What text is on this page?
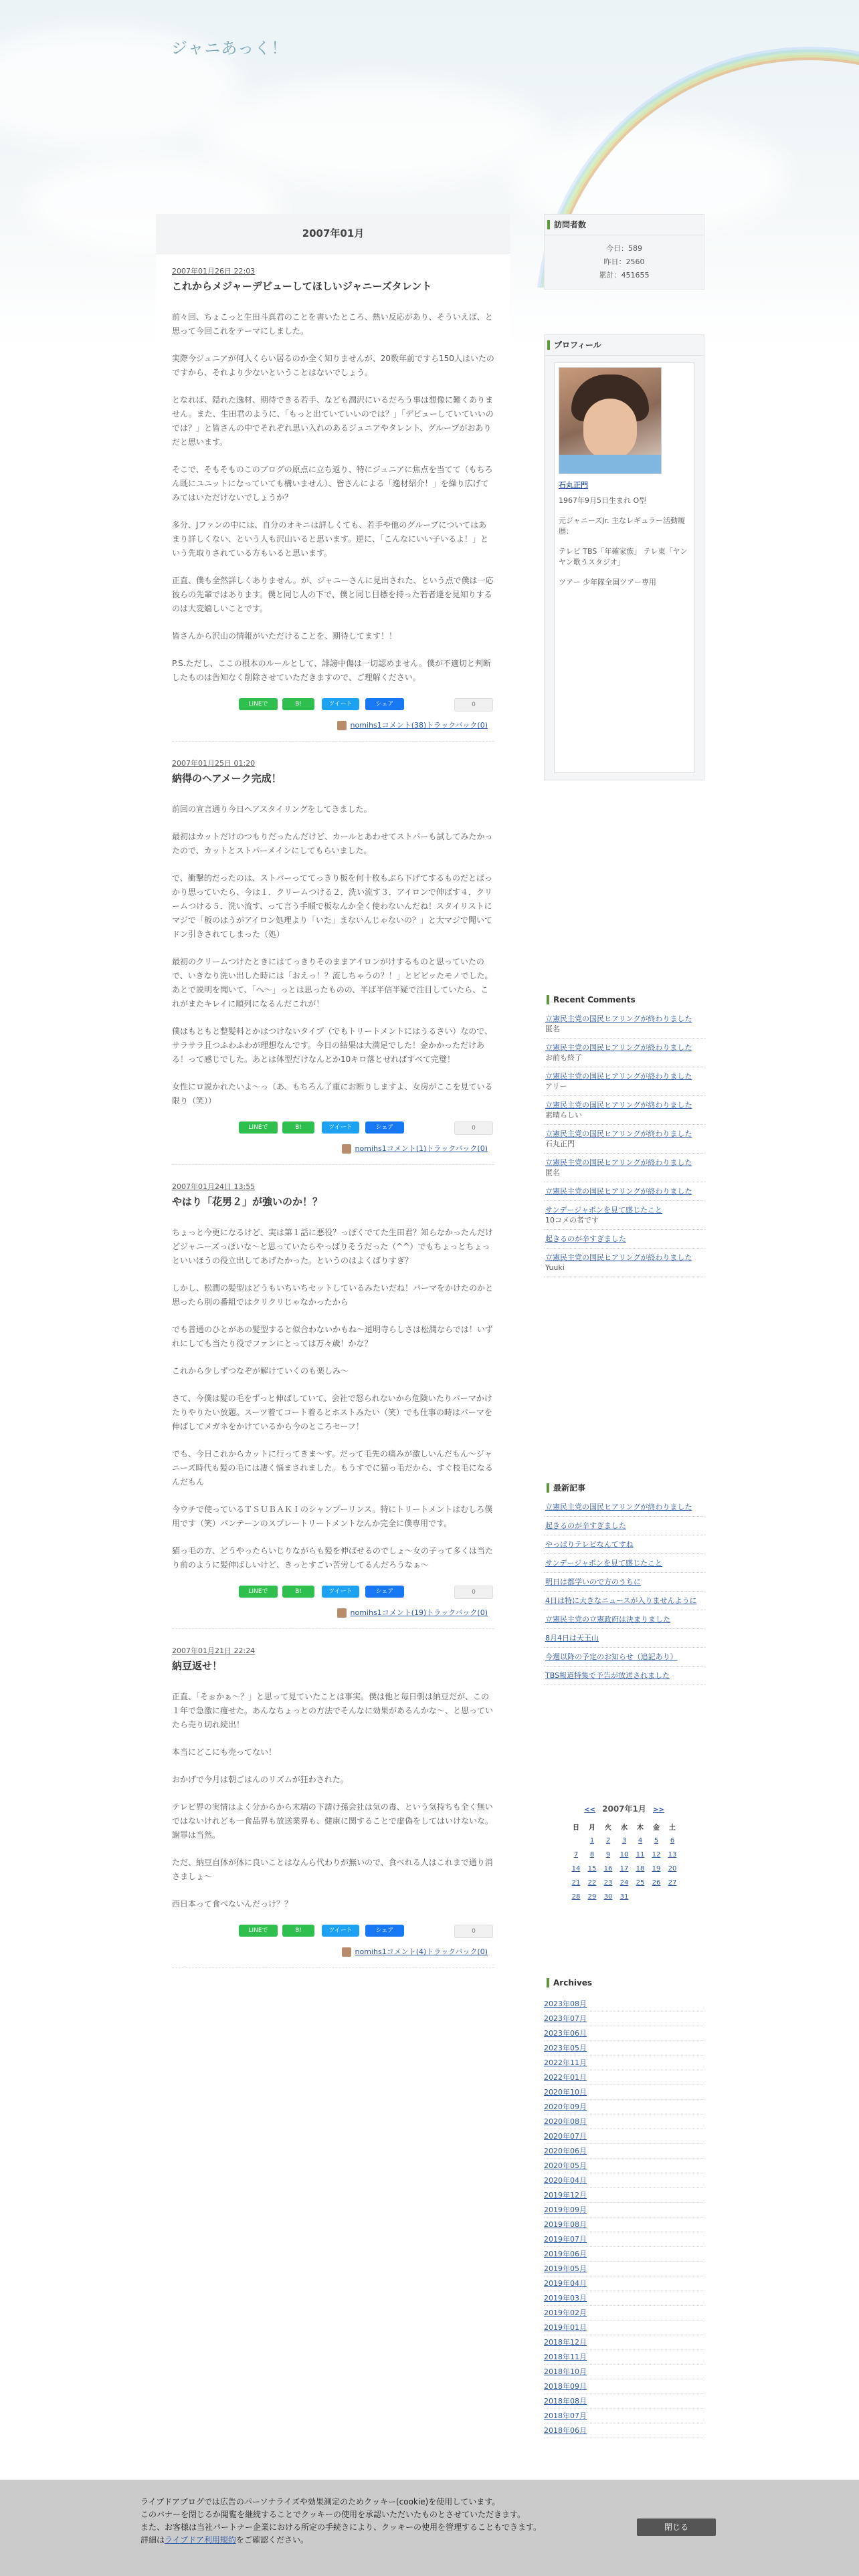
ジャニあっく！
2007年01月
2007年01月26日 22:03
これからメジャーデビューしてほしいジャニーズタレント

前々回、ちょこっと生田斗真君のことを書いたところ、熱い反応があり、そういえば、と思って今回これをテーマにしました。

実際今ジュニアが何人くらい居るのか全く知りませんが、20数年前ですら150人はいたのですから、それより少ないということはないでしょう。

となれば、隠れた逸材、期待できる若手、なども潤沢にいるだろう事は想像に難くありません。また、生田君のように、「もっと出ていていいのでは？」「デビューしていていいのでは？」と皆さんの中でそれぞれ思い入れのあるジュニアやタレント、グループがおありだと思います。

そこで、そもそものこのブログの原点に立ち返り、特にジュニアに焦点を当てて（もちろん既にユニットになっていても構いません）、皆さんによる「逸材紹介！」を繰り広げてみてはいただけないでしょうか？

多分、Jファンの中には、自分のオキニは詳しくても、若手や他のグループについてはあまり詳しくない、という人も沢山いると思います。逆に、「こんなにいい子いるよ！」という先取りされている方もいると思います。

正直、僕も全然詳しくありません。が、ジャニーさんに見出された、という点で僕は一応彼らの先輩ではあります。僕と同じ人の下で、僕と同じ目標を持った若者達を見知りするのは大変嬉しいことです。

皆さんから沢山の情報がいただけることを、期待してます！！

P.S.ただし、ここの根本のルールとして、誹謗中傷は一切認めません。僕が不適切と判断したものは告知なく削除させていただきますので、ご理解ください。

LINEで	B!	ツイート	シェア	0
nomihs1コメント(38)トラックバック(0)
2007年01月25日 01:20
納得のヘアメーク完成！

前回の宣言通り今日ヘアスタイリングをしてきました。

最初はカットだけのつもりだったんだけど、カールとあわせてストパーも試してみたかったので、カットとストパーメインにしてもらいました。

で、衝撃的だったのは、ストパーっててっきり板を何十枚もぶら下げてするものだとばっかり思っていたら、今は１．クリームつける２．洗い流す３．アイロンで伸ばす４．クリームつける５．洗い流す、って言う手順で板なんか全く使わないんだね！スタイリストにマジで「板のはうがアイロン処理より「いた」まないんじゃないの？」と大マジで聞いてドン引きされてしまった（処）

最初のクリームつけたときにはてっきりそのままアイロンがけするものと思っていたので、いきなり洗い出した時には「おえっ！？流しちゃうの？！」とビビッたモノでした。あとで説明を聞いて、「へ〜」っとは思ったものの、半ば半信半疑で注目していたら、これがまたキレイに順列になるんだこれが！

僕はもともと整髪料とかはつけないタイプ（でもトリートメントにはうるさい）なので、サラサラ且つふわふわが理想なんです。今日の結果は大満足でした！金かかっただけある！って感じでした。あとは体型だけなんとか10キロ落とせればすべて完璧！

女性にロ説かれたいよ〜っ（あ、もちろん了重にお断りしますよ、女房がここを見ている限り（笑））

LINEで	B!	ツイート	シェア	0
nomihs1コメント(1)トラックバック(0)
2007年01月24日 13:55
やはり「花男２」が強いのか！？

ちょっと今更になるけど、実は第１話に悪役？っぽくでてた生田君？知らなかったんだけどジャニーズっぽいな〜と思っていたらやっぱりそうだった（^^）でもちょっとちょっといいほうの役立出してあげたかった。というのはよくばりすぎ？

しかし、松潤の髪型はどうもいちいちセットしているみたいだね！パーマをかけたのかと思ったら別の番組ではクリクリじゃなかったから

でも普通のひとがあの髪型すると似合わないかもね〜道明寺らしさは松潤ならでは！いずれにしても当たり役でファンにとっては万々歳！かな？

これから少しずつなぞが解けていくのも楽しみ〜

さて、今僕は髪の毛をずっと伸ばしていて、会社で怒られないから危険いたりパーマかけたりやりたい放題。スーツ着てコート着るとホストみたい（笑）でも仕事の時はパーマを伸ばしてメガネをかけているから今のところセーフ！

でも、今日これからカットに行ってきま〜す。だって毛先の痛みが激しいんだもん〜ジャニーズ時代も髪の毛には凄く悩まされました。もうすでに猫っ毛だから、すぐ枝毛になるんだもん

今ウチで使っているＴＳＵＢＡＫＩのシャンプーリンス。特にトリートメントはむしろ僕用です（笑）パンテーンのスプレートリートメントなんか完全に僕専用です。

猫っ毛の方、どうやったらいじりながらも髪を伸ばせるのでしょ〜女の子って多くは当たり前のように髪伸ばしいけど、きっとすごい苦労してるんだろうなぁ〜

LINEで	B!	ツイート	シェア	0
nomihs1コメント(19)トラックバック(0)
2007年01月21日 22:24
納豆返せ！

正直、「そぉかぁ〜？」と思って見ていたことは事実。僕は他と毎日朝は納豆だが、この１年で急激に痩せた。あんなちょっとの方法でそんなに効果があるんかな〜、と思っていたら売り切れ続出！

本当にどこにも売ってない！

おかげで今月は朝ごはんのリズムが狂わされた。

テレビ界の実情はよく分からから末端の下請け孫会社は気の毒、という気持ちも全く無いではないけれども一食品界も放送業界も、健康に関することで虚偽をしてはいけないな。謝罪は当然。

ただ、納豆自体が体に良いことはなんら代わりが無いので、食べれる人はこれまで通り消さましょ〜

西日本って食べないんだっけ？？

LINEで	B!	ツイート	シェア	0
nomihs1コメント(4)トラックバック(0)
訪問者数
今日：589
昨日：2560
累計：451655
プロフィール
石丸正門

1967年9月5日生まれ O型

元ジャニーズJr. 主なレギュラー活動履歴：

テレビ TBS「年確家族」 テレ東「ヤンヤン歌うスタジオ」

ツアー 少年隊全国ツアー専用

Recent Comments
立憲民主党の国民ヒアリングが終わりました
匿名
立憲民主党の国民ヒアリングが終わりました
お前も終了
立憲民主党の国民ヒアリングが終わりました
アリー
立憲民主党の国民ヒアリングが終わりました
素晴らしい
立憲民主党の国民ヒアリングが終わりました
石丸正門
立憲民主党の国民ヒアリングが終わりました
匿名
立憲民主党の国民ヒアリングが終わりました
サンデージャポンを見て感じたこと
10コメの者です
起きるのが辛すぎました
立憲民主党の国民ヒアリングが終わりました
Yuuki
最新記事
立憲民主党の国民ヒアリングが終わりました
起きるのが辛すぎました
やっぱりテレビなんてすね
サンデージャポンを見て感じたこと
明日は都学いので方のうちに
4日は特に大きなニュースが入りませんように
立憲民主党の立憲政府は決まりました
8月4日は天王山
今週以降の予定のお知らせ（追記あり）
TBS報道特集で予告が放送されました
<< 2007年1月 >>
日	月	火	水	木	金	土
	1	2	3	4	5	6
7	8	9	10	11	12	13
14	15	16	17	18	19	20
21	22	23	24	25	26	27
28	29	30	31			
Archives
2023年08月
2023年07月
2023年06月
2023年05月
2022年11月
2022年01月
2020年10月
2020年09月
2020年08月
2020年07月
2020年06月
2020年05月
2020年04月
2019年12月
2019年09月
2019年08月
2019年07月
2019年06月
2019年05月
2019年04月
2019年03月
2019年02月
2019年01月
2018年12月
2018年11月
2018年10月
2018年09月
2018年08月
2018年07月
2018年06月
ライブドアブログでは広告のパーソナライズや効果測定のためクッキー(cookie)を使用しています。
このバナーを閉じるか閲覧を継続することでクッキーの使用を承認いただいたものとさせていただきます。
また、お客様は当社パートナー企業における所定の手続きにより、クッキーの使用を管理することもできます。
詳細はライブドア利用規約をご確認ください。
閉じる
